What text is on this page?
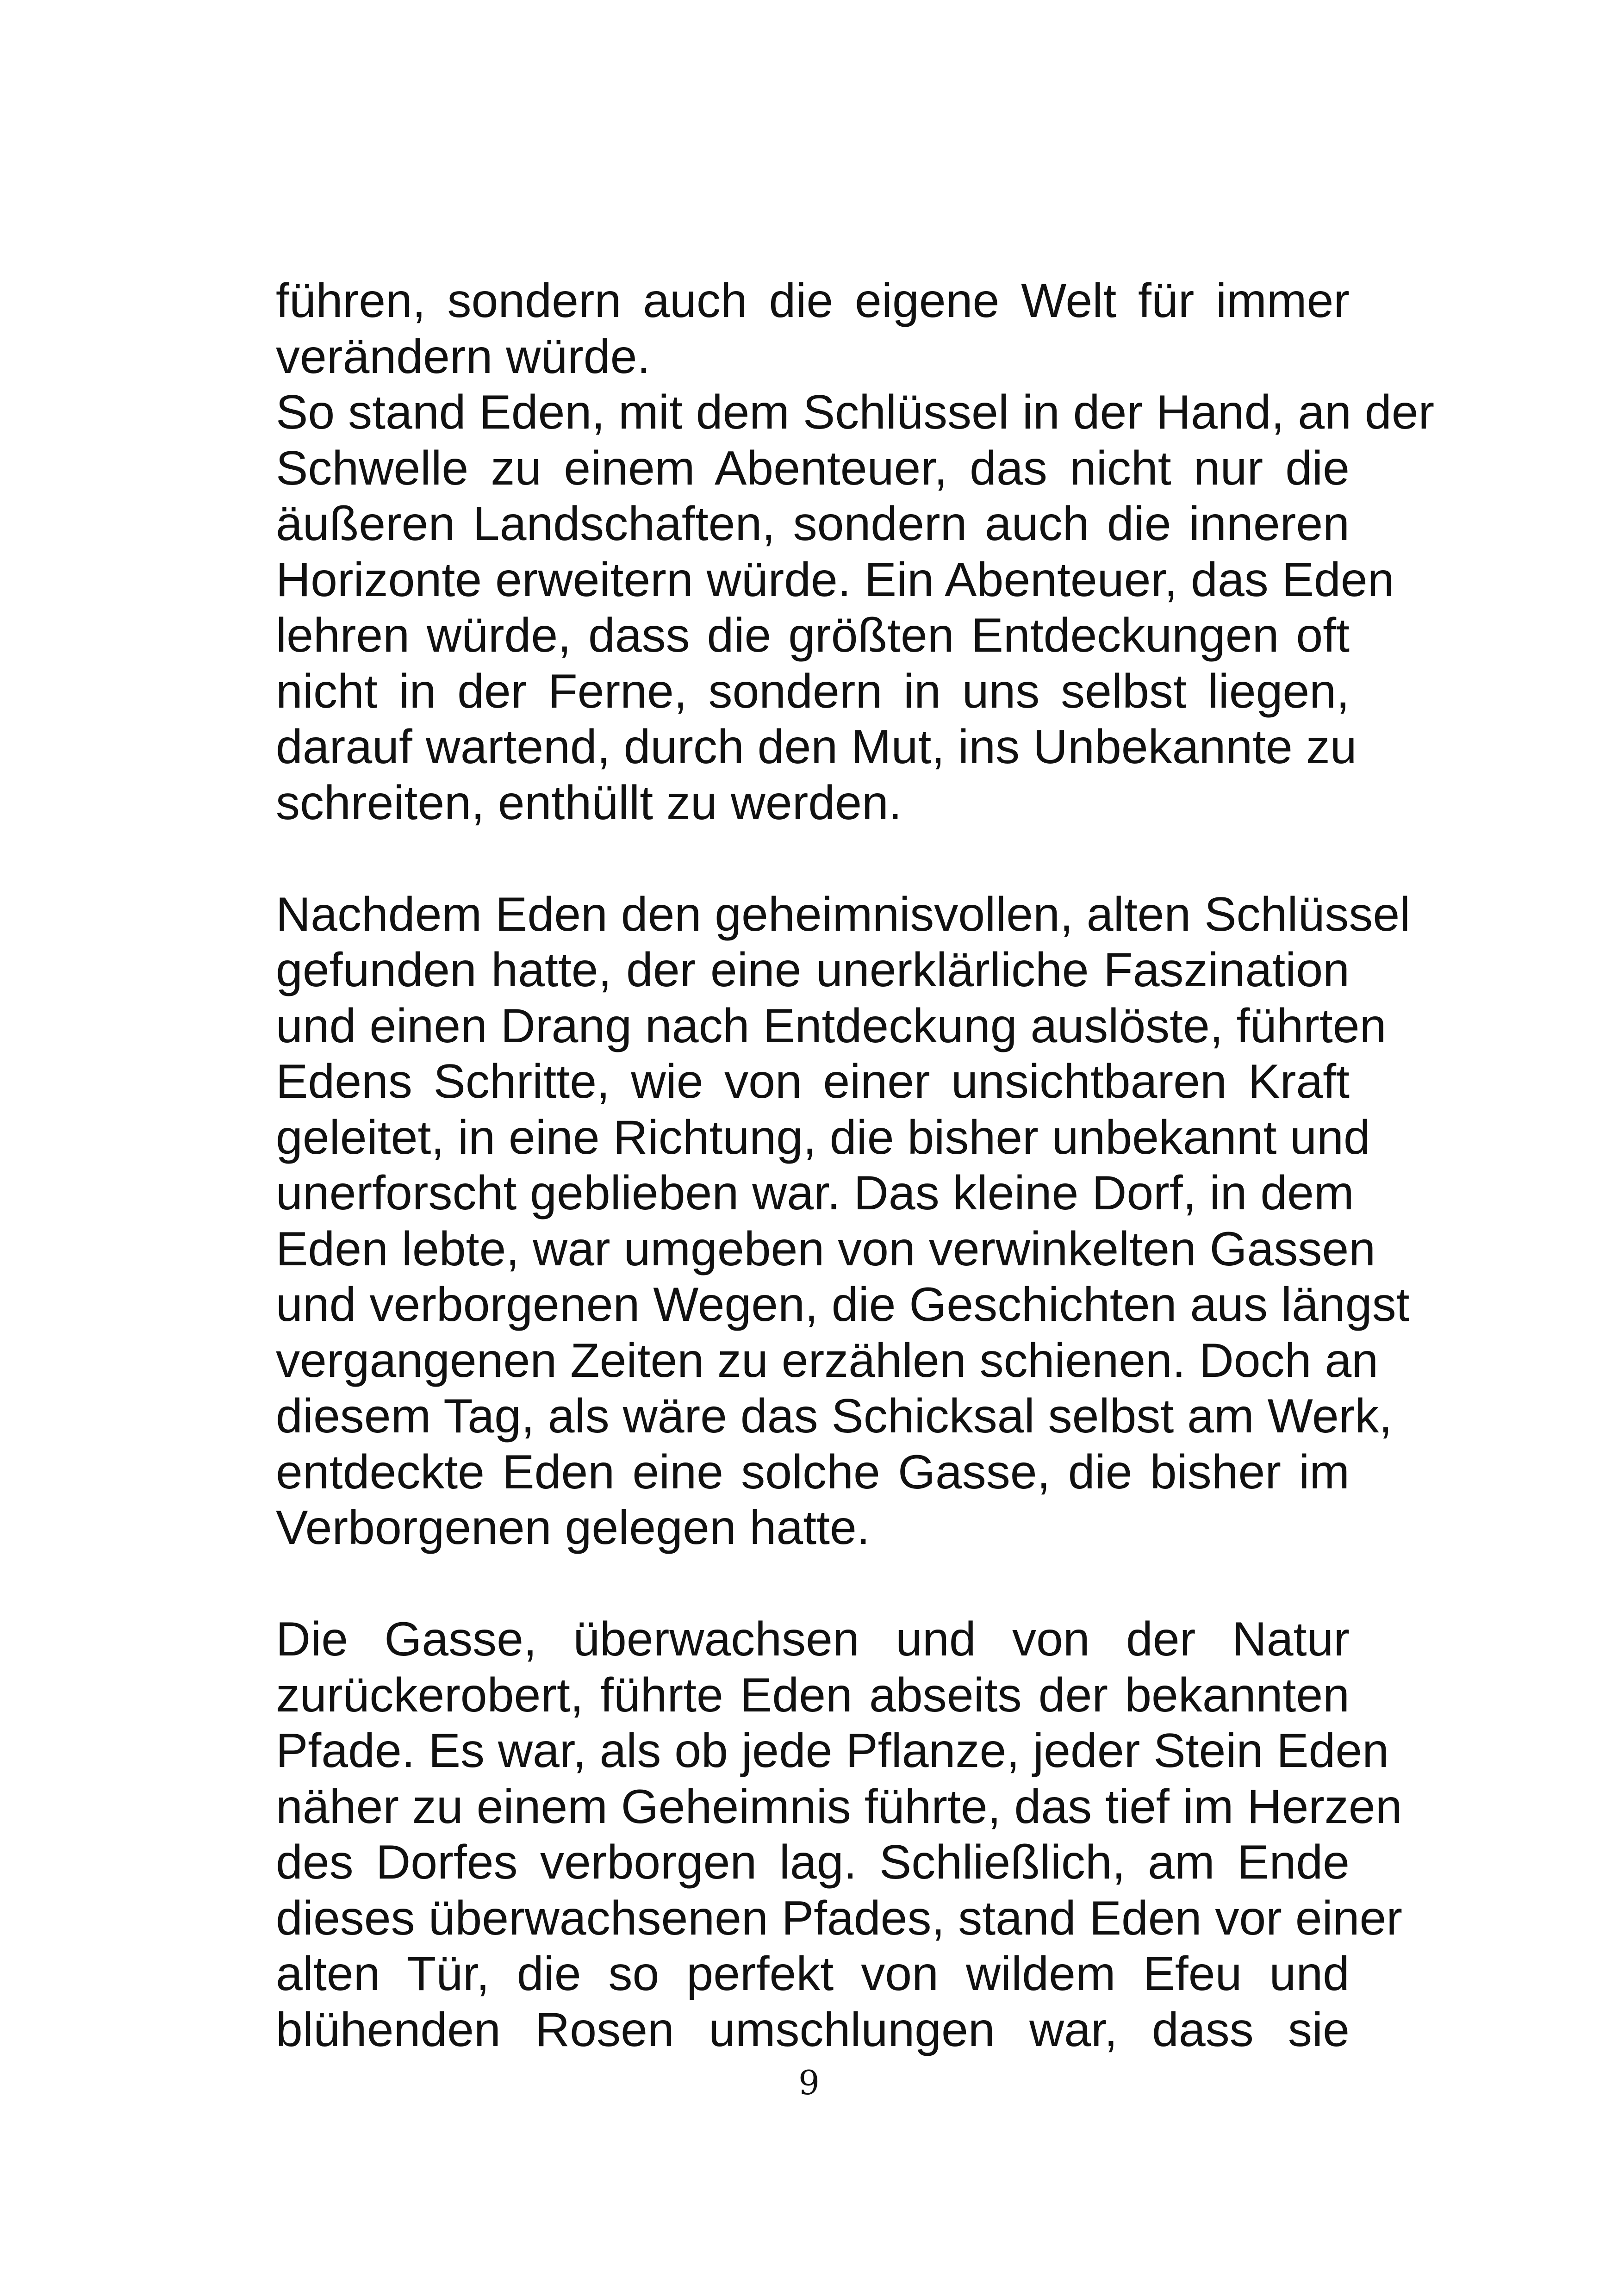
führen, sondern auch die eigene Welt für immer
verändern würde.

So stand Eden, mit dem Schlüssel in der Hand, an der
Schwelle zu einem Abenteuer, das nicht nur die
äußeren Landschaften, sondern auch die inneren
Horizonte erweitern würde. Ein Abenteuer, das Eden
lehren würde, dass die größten Entdeckungen oft
nicht in der Ferne, sondern in uns selbst liegen,
darauf wartend, durch den Mut, ins Unbekannte zu
schreiten, enthüllt zu werden.

Nachdem Eden den geheimnisvollen, alten Schlüssel
gefunden hatte, der eine unerklärliche Faszination
und einen Drang nach Entdeckung auslöste, führten
Edens Schritte, wie von einer unsichtbaren Kraft
geleitet, in eine Richtung, die bisher unbekannt und
unerforscht geblieben war. Das kleine Dorf, in dem
Eden lebte, war umgeben von verwinkelten Gassen
und verborgenen Wegen, die Geschichten aus längst
vergangenen Zeiten zu erzählen schienen. Doch an
diesem Tag, als wäre das Schicksal selbst am Werk,
entdeckte Eden eine solche Gasse, die bisher im
Verborgenen gelegen hatte.

Die Gasse, überwachsen und von der Natur
zurückerobert, führte Eden abseits der bekannten
Pfade. Es war, als ob jede Pflanze, jeder Stein Eden
näher zu einem Geheimnis führte, das tief im Herzen
des Dorfes verborgen lag. Schließlich, am Ende
dieses überwachsenen Pfades, stand Eden vor einer
alten Tür, die so perfekt von wildem Efeu und
blühenden Rosen umschlungen war, dass sie

9
